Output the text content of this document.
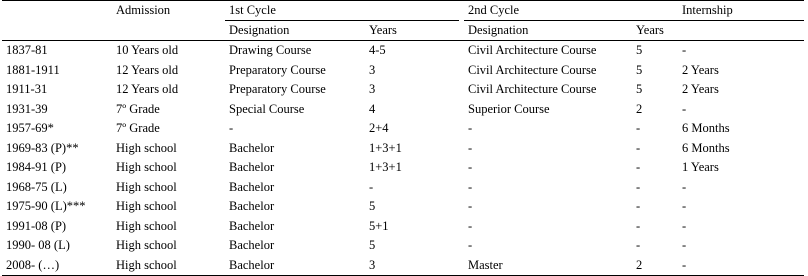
	Admission	1st Cycle			2nd Cycle		Internship
		Designation	Years		Designation	Years	
1837-81	10 Years old	Drawing Course	4-5		Civil Architecture Course	5	-
1881-1911	12 Years old	Preparatory Course	3		Civil Architecture Course	5	2 Years
1911-31	12 Years old	Preparatory Course	3		Civil Architecture Course	5	2 Years
1931-39	7º Grade	Special Course	4		Superior Course	2	-
1957-69*	7º Grade	-	2+4		-	-	6 Months
1969-83 (P)**	High school	Bachelor	1+3+1		-	-	6 Months
1984-91 (P)	High school	Bachelor	1+3+1		-	-	1 Years
1968-75 (L)	High school	Bachelor	-		-	-	-
1975-90 (L)***	High school	Bachelor	5		-	-	-
1991-08 (P)	High school	Bachelor	5+1		-	-	-
1990- 08 (L)	High school	Bachelor	5		-	-	-
2008- (…)	High school	Bachelor	3		Master	2	-
